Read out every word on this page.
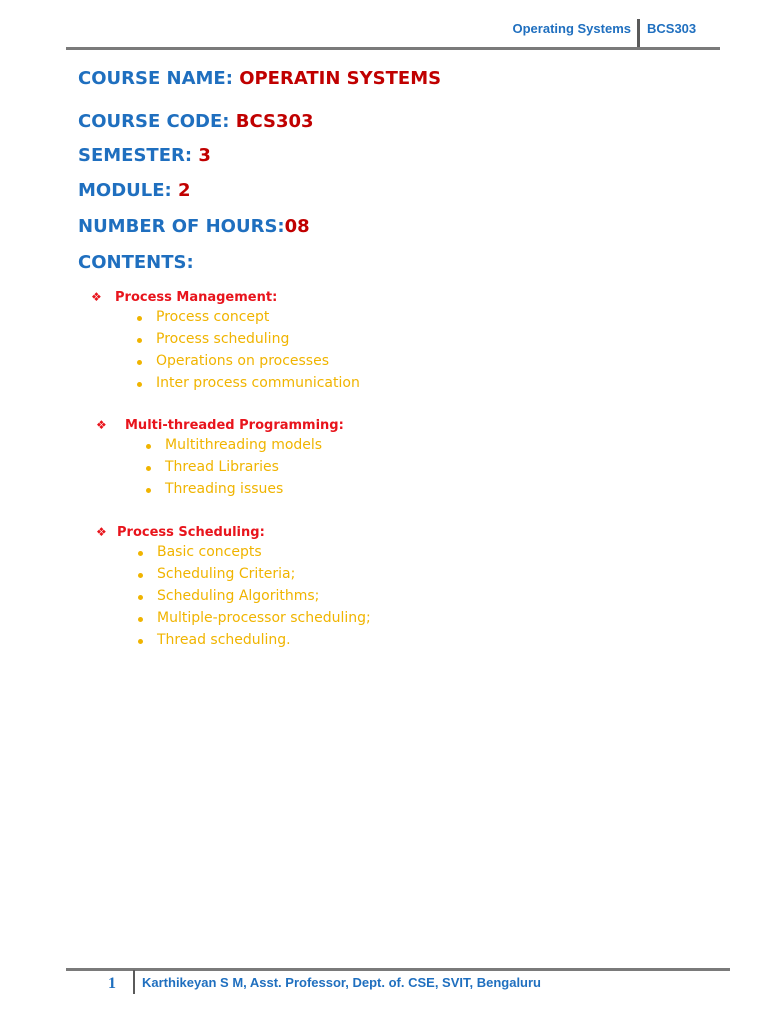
Operating Systems BCS303
COURSE NAME: OPERATIN SYSTEMS
COURSE CODE: BCS303
SEMESTER: 3
MODULE: 2
NUMBER OF HOURS:08
CONTENTS:
❖ Process Management:
Process concept
Process scheduling
Operations on processes
Inter process communication
❖ Multi-threaded Programming:
Multithreading models
Thread Libraries
Threading issues
❖ Process Scheduling:
Basic concepts
Scheduling Criteria;
Scheduling Algorithms;
Multiple-processor scheduling;
Thread scheduling.
1 Karthikeyan S M, Asst. Professor, Dept. of. CSE, SVIT, Bengaluru
